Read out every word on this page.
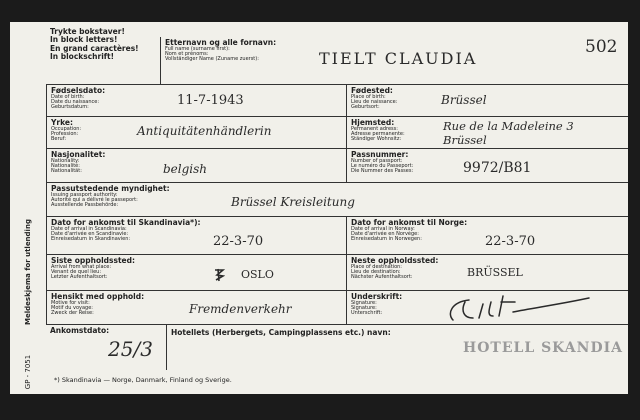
Meldeskjema for utlending
GP - 7051
Trykte bokstaver!
In block letters!
En grand caractères!
In blockschrift!
Etternavn og alle fornavn:
Full name (surname first):
Nom et prénoms:
Vollständiger Name (Zuname zuerst):	TIELT CLAUDIA
502
Fødselsdato:
Date of birth:
Date du naissance:
Geburtsdatum:	11-7-1943
Fødested:
Place of birth:
Lieu de naissance:
Geburtsort:
Brüssel
Yrke:
Occupation:
Profession:
Beruf:
Antiquitätenhändlerin
Hjemsted:
Permanent adress:
Adresse permanente:
Ständiger Wohnsitz:
Rue de la Madeleine 3
Brüssel
Nasjonalitet:
Nationality:
Nationalité:
Nationalität:	belgish
Passnummer:
Number of passport:
Le numéro du Passeport:
Die Nummer des Passes:	9972/B81
Passutstedende myndighet:
Issuing passport authority:
Autorité qui a délivré le passeport:
Ausstellende Passbehörde:	Brüssel Kreisleitung
Dato for ankomst til Skandinavia*):
Date of arrival in Scandinavia:
Date d'arrivée en Scandinavie:
Einreisedatum in Skandinavien:	22-3-70
Dato for ankomst til Norge:
Date of arrival in Norway:
Date d'arrivée en Norvège:
Einreisedatum in Norwegen:	22-3-70
Siste oppholdssted:
Arrival from what place:
Venant de quel lieu:
Letzter Aufenthaltsort:	OSLO
Neste oppholdssted:
Place of destination:
Lieu de destination:
Nächster Aufenthaltsort:	BRÜSSEL
Hensikt med opphold:
Motive for visit:
Motif du voyage:
Zweck der Reise:	Fremdenverkehr
Underskrift:
Signature:
Signature:
Unterschrift:
Ankomstdato:
25/3
Hotellets (Herbergets, Campingplassens etc.) navn:
HOTELL SKANDIA
*) Skandinavia — Norge, Danmark, Finland og Sverige.
